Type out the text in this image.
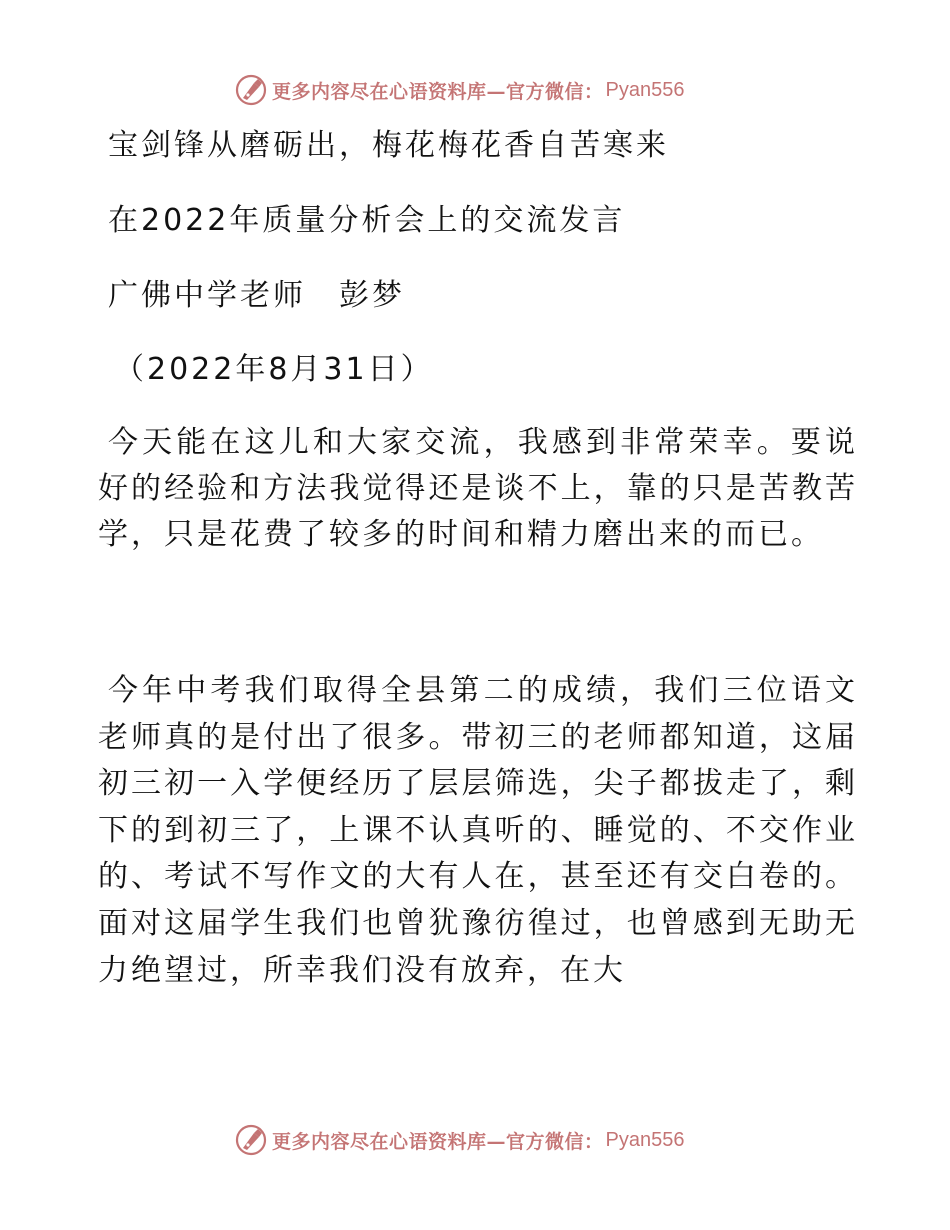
更多内容尽在心语资料库—官方微信： Pyan556
宝剑锋从磨砺出，梅花梅花香自苦寒来
在2022年质量分析会上的交流发言
广佛中学老师　彭梦
（2022年8月31日）

今天能在这儿和大家交流，我感到非常荣幸。要说好的经验和方法我觉得还是谈不上，靠的只是苦教苦学，只是花费了较多的时间和精力磨出来的而已。

今年中考我们取得全县第二的成绩，我们三位语文老师真的是付出了很多。带初三的老师都知道，这届初三初一入学便经历了层层筛选，尖子都拔走了，剩下的到初三了，上课不认真听的、睡觉的、不交作业的、考试不写作文的大有人在，甚至还有交白卷的。面对这届学生我们也曾犹豫彷徨过，也曾感到无助无力绝望过，所幸我们没有放弃，在大

更多内容尽在心语资料库—官方微信： Pyan556
